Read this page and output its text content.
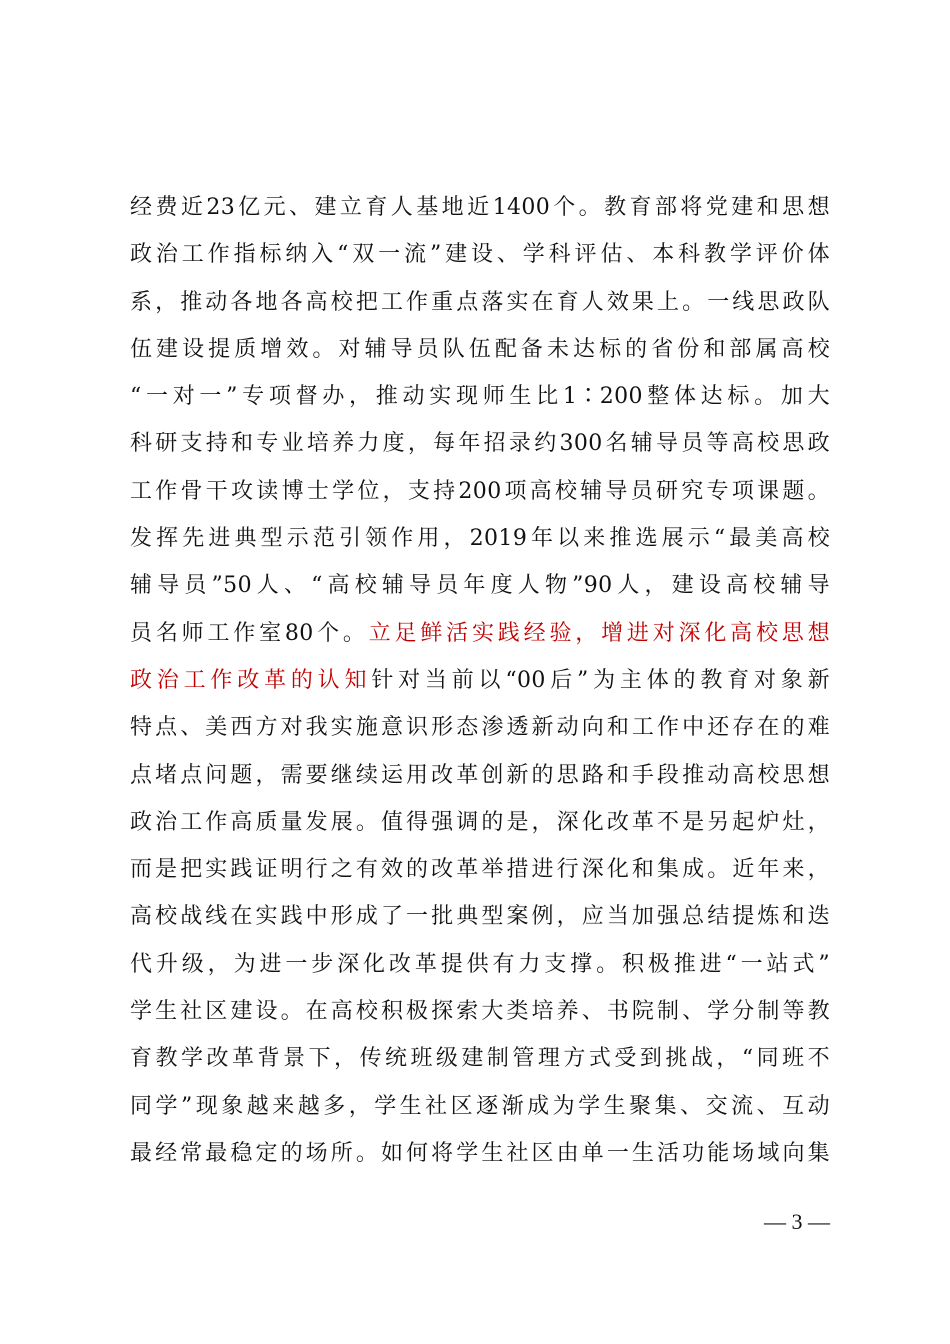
经费近23亿元、建立育人基地近1400个。教育部将党建和思想
政治工作指标纳入“双一流”建设、学科评估、本科教学评价体
系，推动各地各高校把工作重点落实在育人效果上。一线思政队
伍建设提质增效。对辅导员队伍配备未达标的省份和部属高校
“一对一”专项督办，推动实现师生比1∶200整体达标。加大
科研支持和专业培养力度，每年招录约300名辅导员等高校思政
工作骨干攻读博士学位，支持200项高校辅导员研究专项课题。
发挥先进典型示范引领作用，2019年以来推选展示“最美高校
辅导员”50人、“高校辅导员年度人物”90人，建设高校辅导
员名师工作室80个。立足鲜活实践经验，增进对深化高校思想
政治工作改革的认知针对当前以“00后”为主体的教育对象新
特点、美西方对我实施意识形态渗透新动向和工作中还存在的难
点堵点问题，需要继续运用改革创新的思路和手段推动高校思想
政治工作高质量发展。值得强调的是，深化改革不是另起炉灶，
而是把实践证明行之有效的改革举措进行深化和集成。近年来，
高校战线在实践中形成了一批典型案例，应当加强总结提炼和迭
代升级，为进一步深化改革提供有力支撑。积极推进“一站式”
学生社区建设。在高校积极探索大类培养、书院制、学分制等教
育教学改革背景下，传统班级建制管理方式受到挑战，“同班不
同学”现象越来越多，学生社区逐渐成为学生聚集、交流、互动
最经常最稳定的场所。如何将学生社区由单一生活功能场域向集
— 3 —
